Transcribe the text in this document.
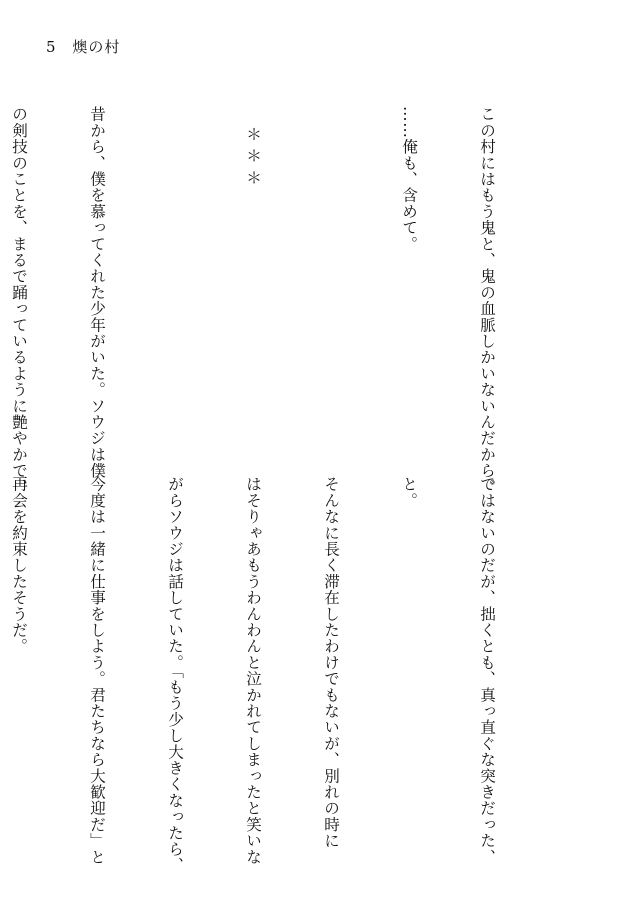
5 燠の村

この村にはもう鬼と、鬼の血脈しかいないんだから。

……俺も、含めて。

＊＊＊

昔から、僕を慕ってくれた少年がいた。ソウジは僕

の剣技のことを、まるで踊っているように艶やかで、

ではないのだが、拙くとも、真っ直ぐな突きだった、

と。

そんなに長く滞在したわけでもないが、別れの時に

はそりゃあもうわんわんと泣かれてしまったと笑いな

がらソウジは話していた。「もう少し大きくなったら、

今度は一緒に仕事をしよう。君たちなら大歓迎だ」と

再会を約束したそうだ。
